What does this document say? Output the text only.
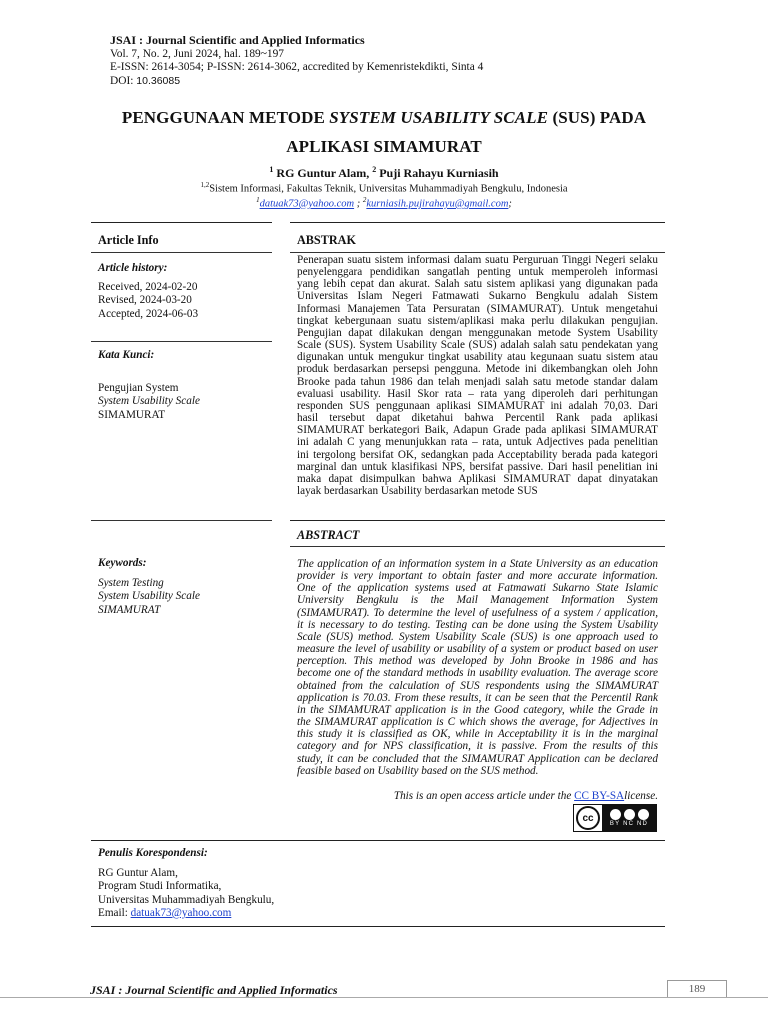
JSAI : Journal Scientific and Applied Informatics
Vol. 7, No. 2, Juni 2024, hal. 189~197
E-ISSN: 2614-3054; P-ISSN: 2614-3062, accredited by Kemenristekdikti, Sinta 4
DOI: 10.36085
PENGGUNAAN METODE SYSTEM USABILITY SCALE (SUS) PADA
APLIKASI SIMAMURAT
$^1$ RG Guntur Alam, $^2$ Puji Rahayu Kurniasih
$^{1,2}$Sistem Informasi, Fakultas Teknik, Universitas Muhammadiyah Bengkulu, Indonesia
$^1$datuak73@yahoo.com ; $^2$kurniasih.pujirahayu@gmail.com;
Article Info
Article history:
Received, 2024-02-20
Revised, 2024-03-20
Accepted, 2024-06-03
Kata Kunci:
Pengujian System
System Usability Scale
SIMAMURAT
Keywords:
System Testing
System Usability Scale
SIMAMURAT
ABSTRAK
Penerapan suatu sistem informasi dalam suatu Perguruan Tinggi Negeri selaku
penyelenggara pendidikan sangatlah penting untuk memperoleh informasi
yang lebih cepat dan akurat. Salah satu sistem aplikasi yang digunakan pada
Universitas Islam Negeri Fatmawati Sukarno Bengkulu adalah Sistem
Informasi Manajemen Tata Persuratan (SIMAMURAT). Untuk mengetahui
tingkat kebergunaan suatu sistem/aplikasi maka perlu dilakukan pengujian.
Pengujian dapat dilakukan dengan menggunakan metode System Usability
Scale (SUS). System Usability Scale (SUS) adalah salah satu pendekatan yang
digunakan untuk mengukur tingkat usability atau kegunaan suatu sistem atau
produk berdasarkan persepsi pengguna. Metode ini dikembangkan oleh John
Brooke pada tahun 1986 dan telah menjadi salah satu metode standar dalam
evaluasi usability. Hasil Skor rata – rata yang diperoleh dari perhitungan
responden SUS penggunaan aplikasi SIMAMURAT ini adalah 70,03. Dari
hasil tersebut dapat diketahui bahwa Percentil Rank pada aplikasi
SIMAMURAT berkategori Baik, Adapun Grade pada aplikasi SIMAMURAT
ini adalah C yang menunjukkan rata – rata, untuk Adjectives pada penelitian
ini tergolong bersifat OK, sedangkan pada Acceptability berada pada kategori
marginal dan untuk klasifikasi NPS, bersifat passive. Dari hasil penelitian ini
maka dapat disimpulkan bahwa Aplikasi SIMAMURAT dapat dinyatakan
layak berdasarkan Usability berdasarkan metode SUS
ABSTRACT
The application of an information system in a State University as an education
provider is very important to obtain faster and more accurate information.
One of the application systems used at Fatmawati Sukarno State Islamic
University Bengkulu is the Mail Management Information System
(SIMAMURAT). To determine the level of usefulness of a system / application,
it is necessary to do testing. Testing can be done using the System Usability
Scale (SUS) method. System Usability Scale (SUS) is one approach used to
measure the level of usability or usability of a system or product based on user
perception. This method was developed by John Brooke in 1986 and has
become one of the standard methods in usability evaluation. The average score
obtained from the calculation of SUS respondents using the SIMAMURAT
application is 70.03. From these results, it can be seen that the Percentil Rank
in the SIMAMURAT application is in the Good category, while the Grade in
the SIMAMURAT application is C which shows the average, for Adjectives in
this study it is classified as OK, while in Acceptability it is in the marginal
category and for NPS classification, it is passive. From the results of this
study, it can be concluded that the SIMAMURAT Application can be declared
feasible based on Usability based on the SUS method.
This is an open access article under the CC BY-SAlicense.
cc
BY NC ND
Penulis Korespondensi:
RG Guntur Alam,
Program Studi Informatika,
Universitas Muhammadiyah Bengkulu,
Email: datuak73@yahoo.com
JSAI : Journal Scientific and Applied Informatics	189
